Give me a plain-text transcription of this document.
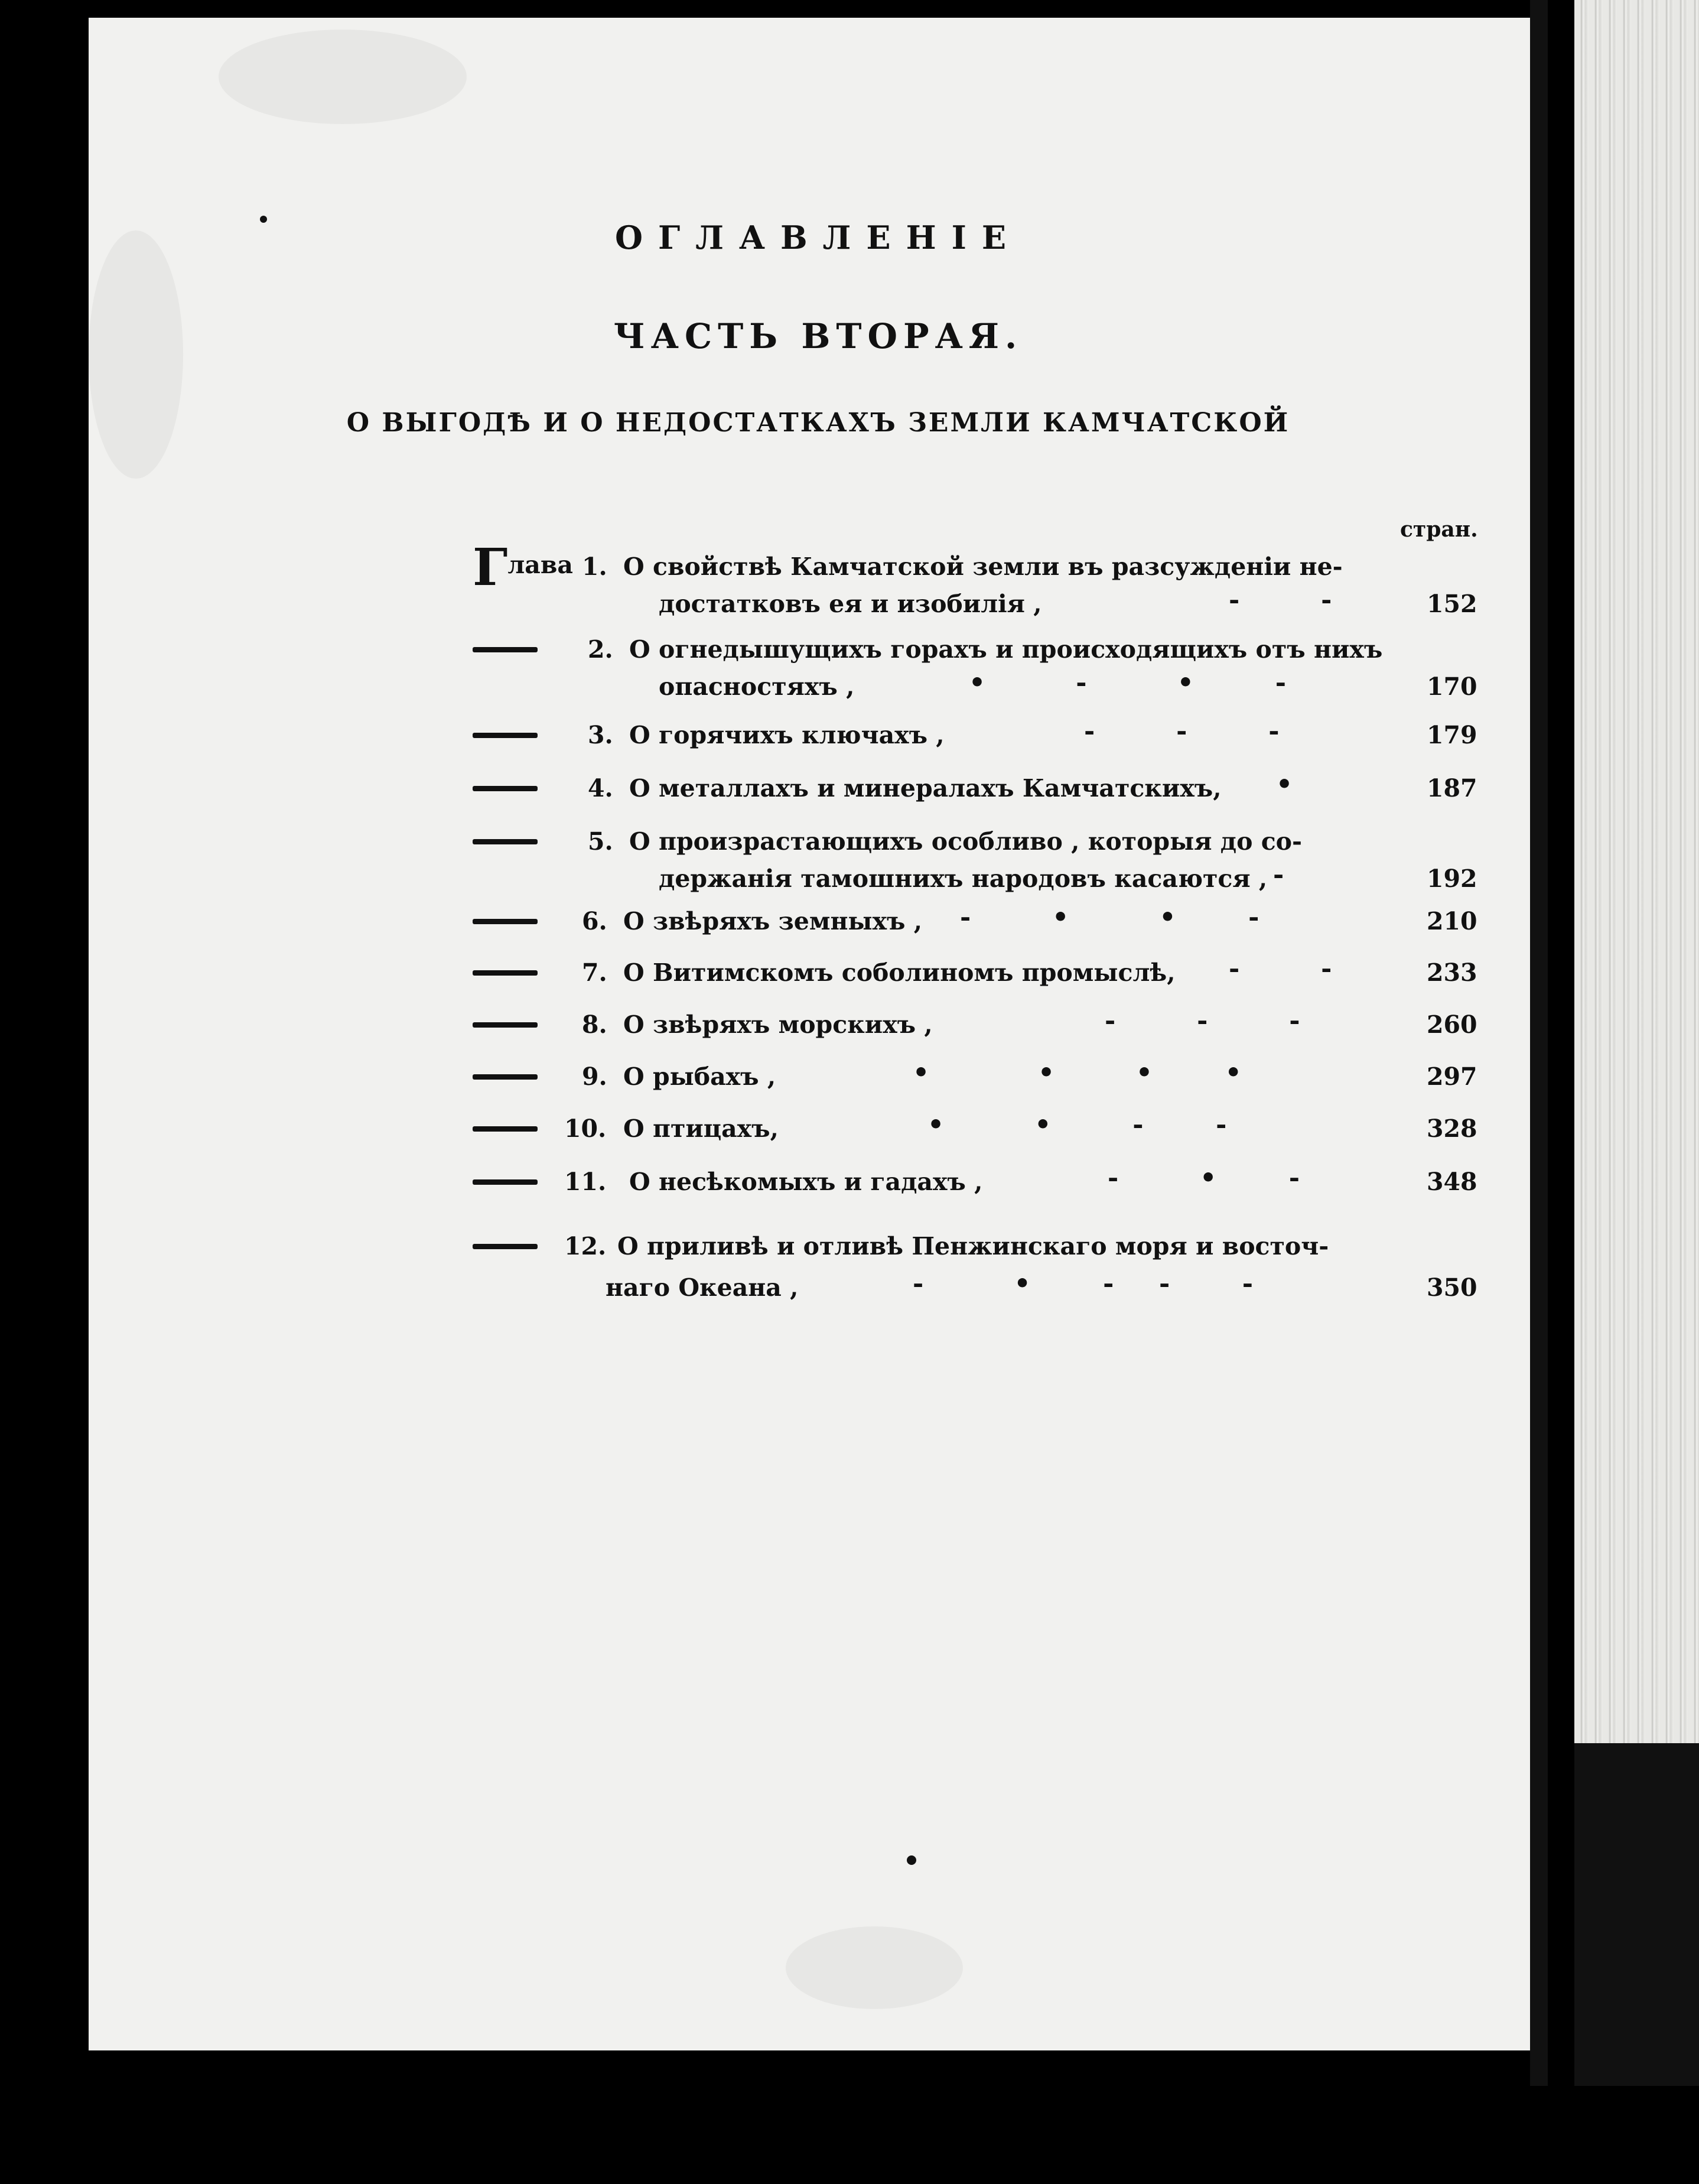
ОГЛАВЛЕНІЕ
ЧАСТЬ ВТОРАЯ.
О ВЫГОДѢ И О НЕДОСТАТКАХЪ ЗЕМЛИ КАМЧАТСКОЙ
стран.
Глава 1. О свойствѣ Камчатской земли въ разсужденіи не-
достатковъ ея и изобилія ,	-         -	152
2. О огнедышущихъ горахъ и происходящихъ отъ нихъ
опасностяхъ ,	•          -          •         -	170
3. О горячихъ ключахъ ,	-         -         -	179
4. О металлахъ и минералахъ Камчатскихъ, •	187
5. О произрастающихъ особливо , которыя до со-
держанія тамошнихъ народовъ касаются , -	192
6. О звѣряхъ земныхъ , -         •          •        -	210
7. О Витимскомъ соболиномъ промыслѣ, -         -	233
8. О звѣряхъ морскихъ ,	-         -         -	260
9. О рыбахъ ,	•            •         •        •	297
10. О птицахъ,	•          •         -        -	328
11. О несѣкомыхъ и гадахъ ,	-         •        -	348
12. О приливѣ и отливѣ Пенжинскаго моря и восточ-
наго Океана ,	-          •        -     -        -	350
